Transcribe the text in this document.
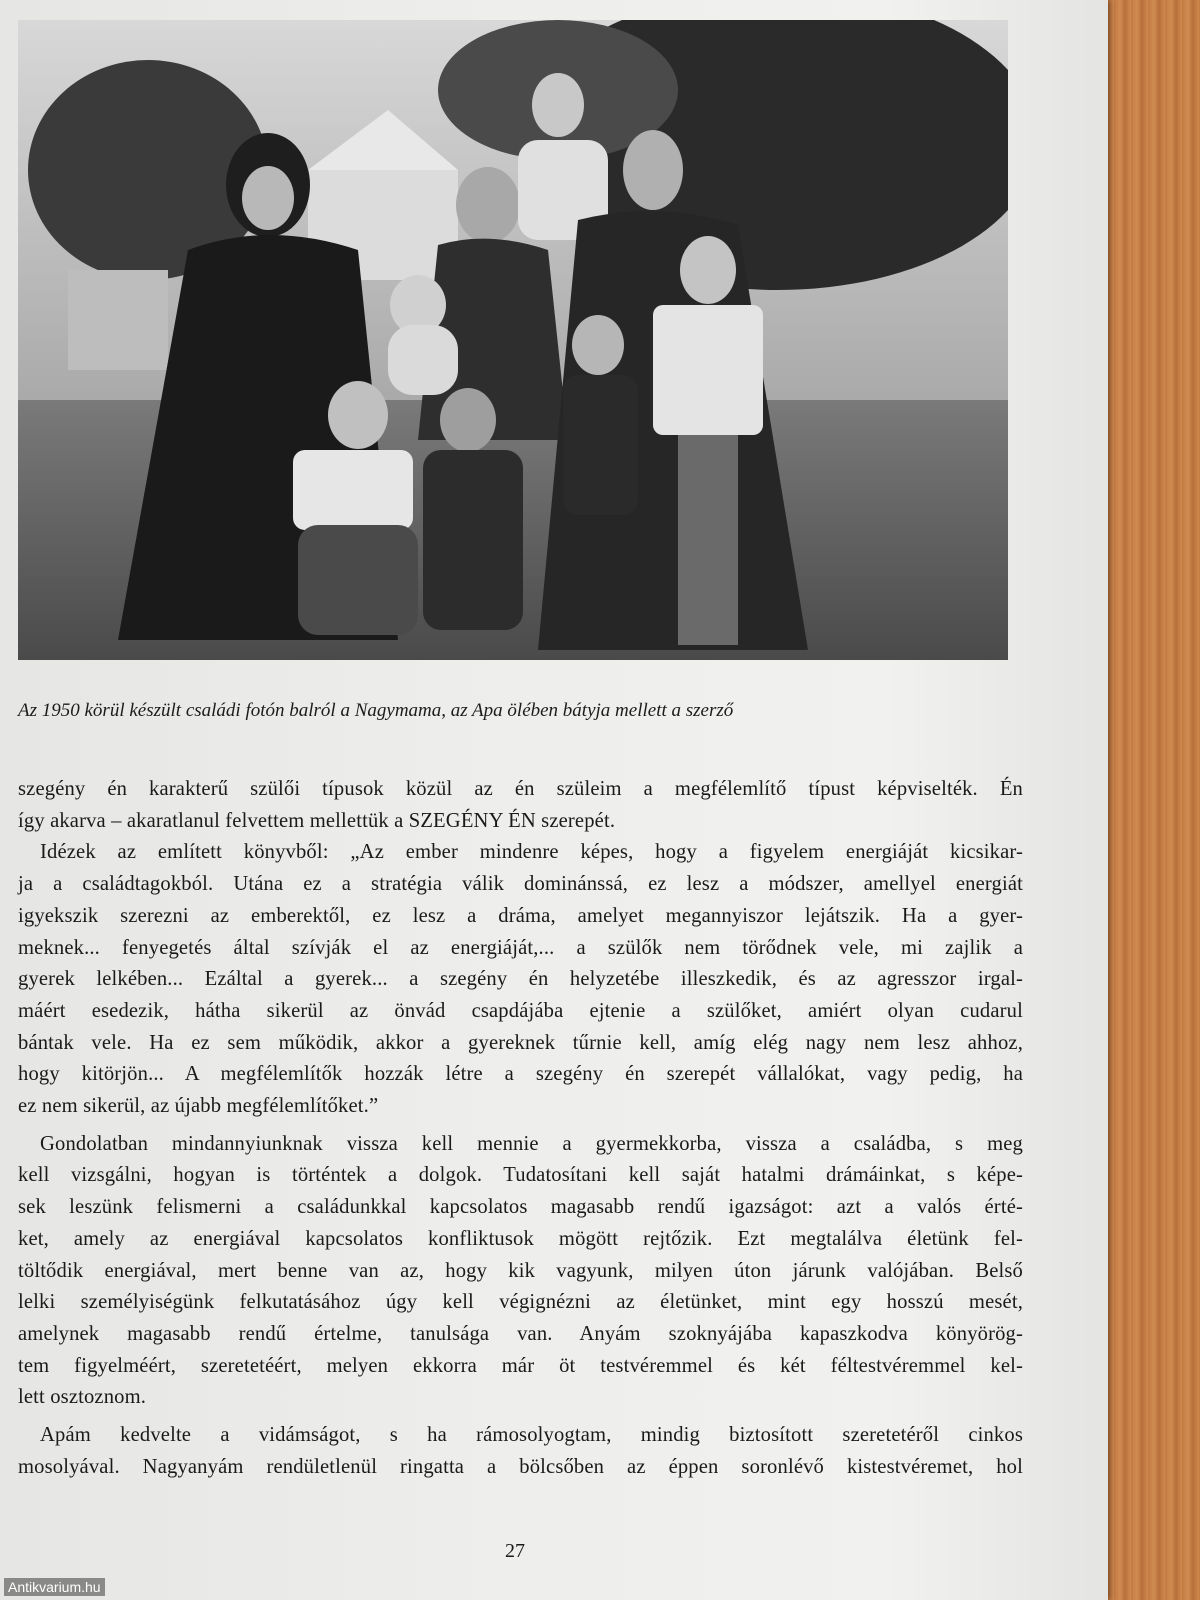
Az 1950 körül készült családi fotón balról a Nagymama, az Apa ölében bátyja mellett a szerző
szegény én karakterű szülői típusok közül az én szüleim a megfélemlítő típust képviselték. Én
így akarva – akaratlanul felvettem mellettük a SZEGÉNY ÉN szerepét.
Idézek az említett könyvből: „Az ember mindenre képes, hogy a figyelem energiáját kicsikar-
ja a családtagokból. Utána ez a stratégia válik dominánssá, ez lesz a módszer, amellyel energiát
igyekszik szerezni az emberektől, ez lesz a dráma, amelyet megannyiszor lejátszik. Ha a gyer-
meknek... fenyegetés által szívják el az energiáját,... a szülők nem törődnek vele, mi zajlik a
gyerek lelkében... Ezáltal a gyerek... a szegény én helyzetébe illeszkedik, és az agresszor irgal-
máért esedezik, hátha sikerül az önvád csapdájába ejtenie a szülőket, amiért olyan cudarul
bántak vele. Ha ez sem működik, akkor a gyereknek tűrnie kell, amíg elég nagy nem lesz ahhoz,
hogy kitörjön... A megfélemlítők hozzák létre a szegény én szerepét vállalókat, vagy pedig, ha
ez nem sikerül, az újabb megfélemlítőket.”
Gondolatban mindannyiunknak vissza kell mennie a gyermekkorba, vissza a családba, s meg
kell vizsgálni, hogyan is történtek a dolgok. Tudatosítani kell saját hatalmi drámáinkat, s képe-
sek leszünk felismerni a családunkkal kapcsolatos magasabb rendű igazságot: azt a valós érté-
ket, amely az energiával kapcsolatos konfliktusok mögött rejtőzik. Ezt megtalálva életünk fel-
töltődik energiával, mert benne van az, hogy kik vagyunk, milyen úton járunk valójában. Belső
lelki személyiségünk felkutatásához úgy kell végignézni az életünket, mint egy hosszú mesét,
amelynek magasabb rendű értelme, tanulsága van. Anyám szoknyájába kapaszkodva könyörög-
tem figyelméért, szeretetéért, melyen ekkorra már öt testvéremmel és két féltestvéremmel kel-
lett osztoznom.
Apám kedvelte a vidámságot, s ha rámosolyogtam, mindig biztosított szeretetéről cinkos
mosolyával. Nagyanyám rendületlenül ringatta a bölcsőben az éppen soronlévő kistestvéremet, hol
27
Antikvarium.hu
